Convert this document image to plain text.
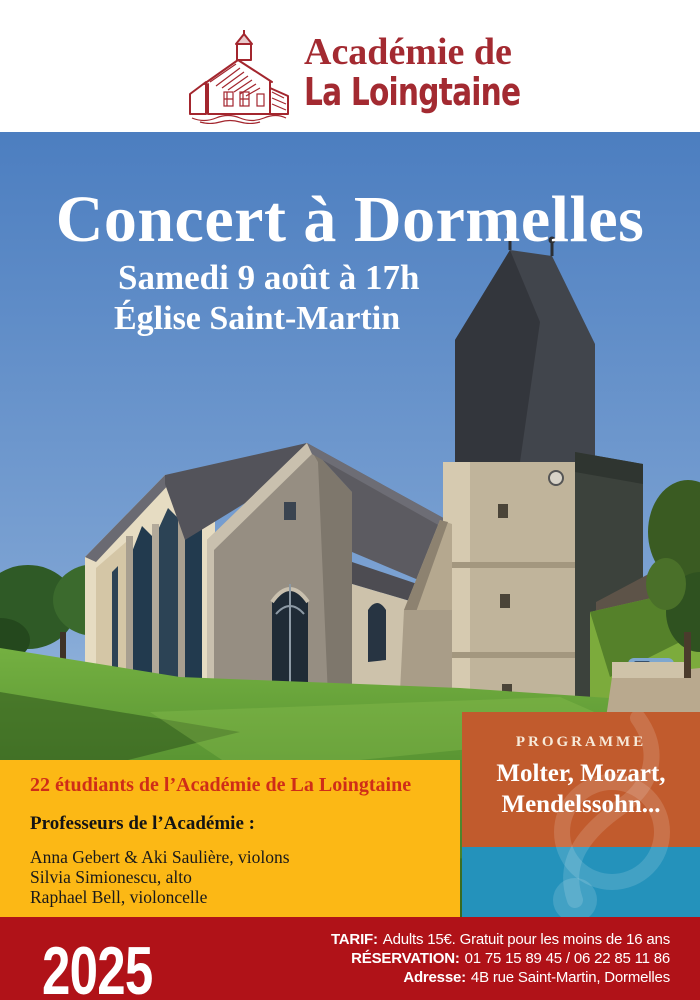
Académie de
La Loingtaine
Concert à Dormelles
Samedi 9 août à 17h
Église Saint-Martin
22 étudiants de l’Académie de La Loingtaine
Professeurs de l’Académie :
Anna Gebert & Aki Saulière, violons
Silvia Simionescu, alto
Raphael Bell, violoncelle
PROGRAMME
Molter, Mozart, Mendelssohn...
2025	TARIF: Adults 15€. Gratuit pour les moins de 16 ans
RÉSERVATION: 01 75 15 89 45 / 06 22 85 11 86
Adresse: 4B rue Saint-Martin, Dormelles
